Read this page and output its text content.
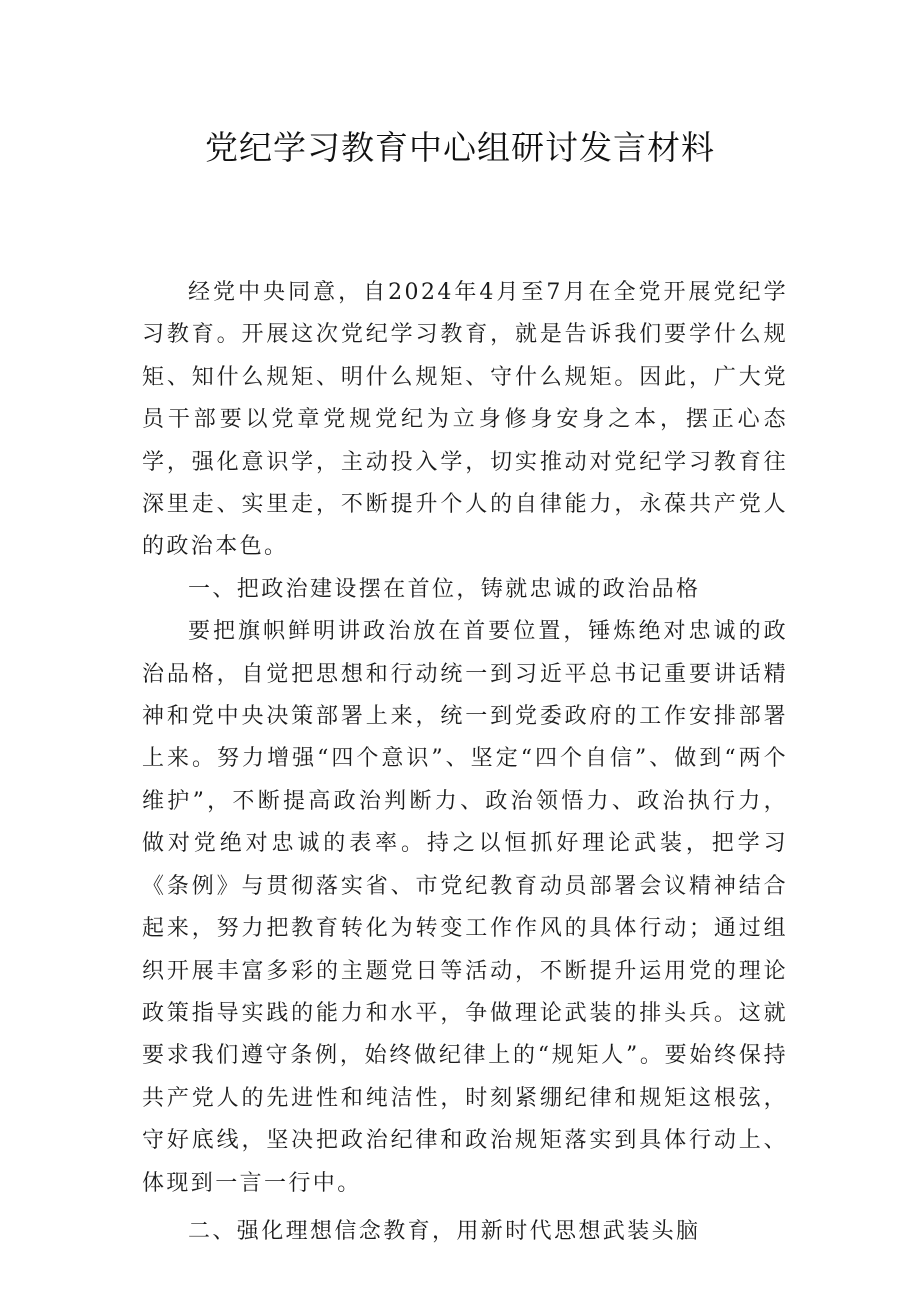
党纪学习教育中心组研讨发言材料

经党中央同意，自2024年4月至7月在全党开展党纪学习教育。开展这次党纪学习教育，就是告诉我们要学什么规矩、知什么规矩、明什么规矩、守什么规矩。因此，广大党员干部要以党章党规党纪为立身修身安身之本，摆正心态学，强化意识学，主动投入学，切实推动对党纪学习教育往深里走、实里走，不断提升个人的自律能力，永葆共产党人的政治本色。

一、把政治建设摆在首位，铸就忠诚的政治品格

要把旗帜鲜明讲政治放在首要位置，锤炼绝对忠诚的政治品格，自觉把思想和行动统一到习近平总书记重要讲话精神和党中央决策部署上来，统一到党委政府的工作安排部署上来。努力增强“四个意识”、坚定“四个自信”、做到“两个维护”，不断提高政治判断力、政治领悟力、政治执行力，做对党绝对忠诚的表率。持之以恒抓好理论武装，把学习《条例》与贯彻落实省、市党纪教育动员部署会议精神结合起来，努力把教育转化为转变工作作风的具体行动；通过组织开展丰富多彩的主题党日等活动，不断提升运用党的理论政策指导实践的能力和水平，争做理论武装的排头兵。这就要求我们遵守条例，始终做纪律上的“规矩人”。要始终保持共产党人的先进性和纯洁性，时刻紧绷纪律和规矩这根弦，守好底线，坚决把政治纪律和政治规矩落实到具体行动上、体现到一言一行中。

二、强化理想信念教育，用新时代思想武装头脑
